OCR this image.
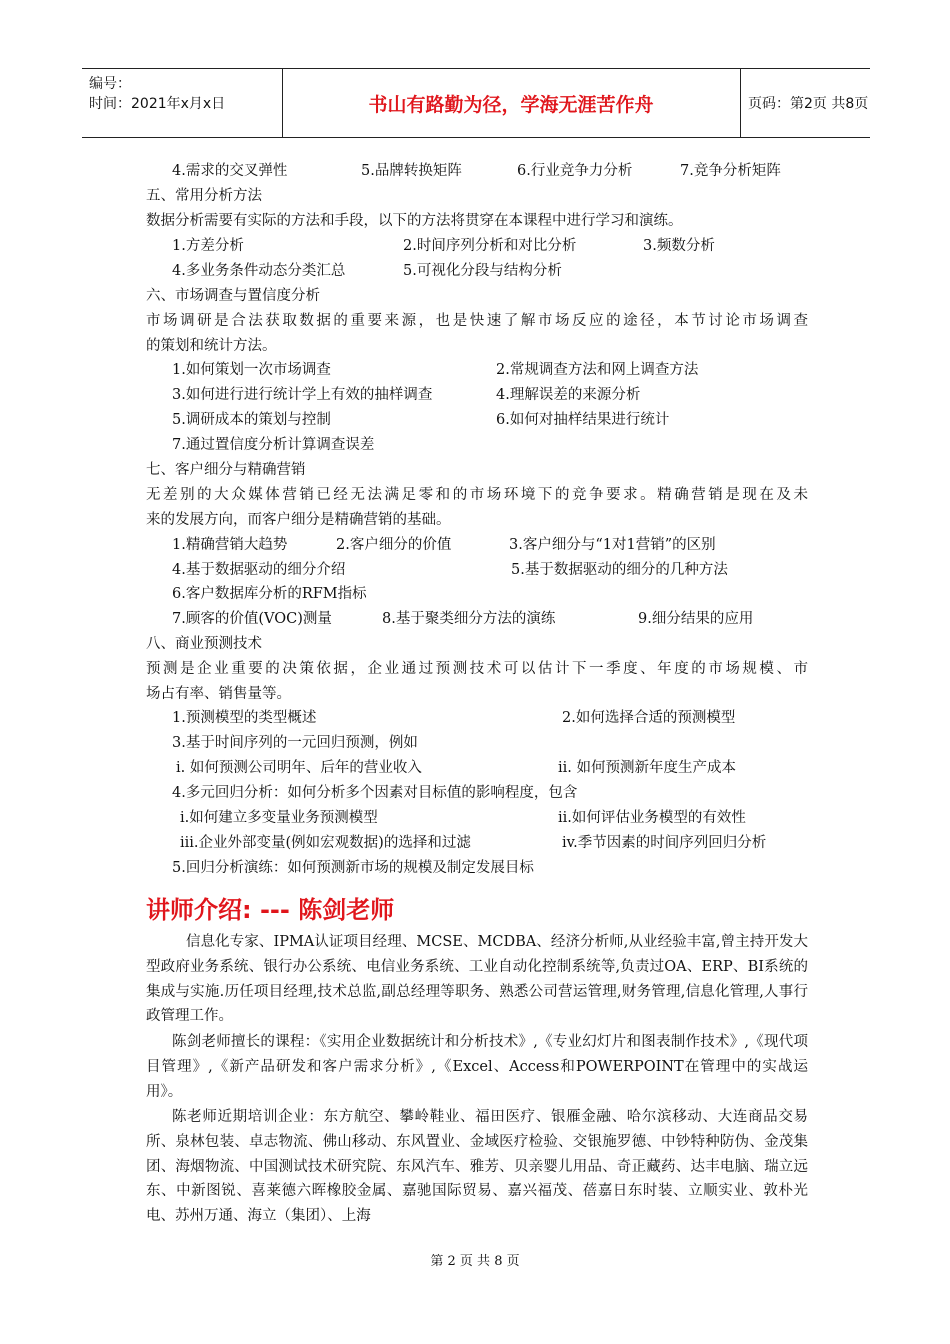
编号：
时间：2021年x月x日	书山有路勤为径，学海无涯苦作舟	页码：第2页 共8页
4.需求的交叉弹性	5.品牌转换矩阵	6.行业竞争力分析	7.竞争分析矩阵
五、常用分析方法
数据分析需要有实际的方法和手段，以下的方法将贯穿在本课程中进行学习和演练。
1.方差分析	2.时间序列分析和对比分析	3.频数分析
4.多业务条件动态分类汇总	5.可视化分段与结构分析
六、市场调查与置信度分析
市场调研是合法获取数据的重要来源，也是快速了解市场反应的途径，本节讨论市场调查
的策划和统计方法。
1.如何策划一次市场调查	2.常规调查方法和网上调查方法
3.如何进行进行统计学上有效的抽样调查	4.理解误差的来源分析
5.调研成本的策划与控制	6.如何对抽样结果进行统计
7.通过置信度分析计算调查误差
七、客户细分与精确营销
无差别的大众媒体营销已经无法满足零和的市场环境下的竞争要求。精确营销是现在及未
来的发展方向，而客户细分是精确营销的基础。
1.精确营销大趋势	2.客户细分的价值	3.客户细分与“1对1营销”的区别
4.基于数据驱动的细分介绍	5.基于数据驱动的细分的几种方法
6.客户数据库分析的RFM指标
7.顾客的价值(VOC)测量	8.基于聚类细分方法的演练	9.细分结果的应用
八、商业预测技术
预测是企业重要的决策依据，企业通过预测技术可以估计下一季度、年度的市场规模、市
场占有率、销售量等。
1.预测模型的类型概述	2.如何选择合适的预测模型
3.基于时间序列的一元回归预测，例如
i. 如何预测公司明年、后年的营业收入	ii. 如何预测新年度生产成本
4.多元回归分析：如何分析多个因素对目标值的影响程度，包含
i.如何建立多变量业务预测模型	ii.如何评估业务模型的有效性
iii.企业外部变量(例如宏观数据)的选择和过滤	iv.季节因素的时间序列回归分析
5.回归分析演练：如何预测新市场的规模及制定发展目标
讲师介绍: --- 陈剑老师
信息化专家、IPMA认证项目经理、MCSE、MCDBA、经济分析师,从业经验丰富,曾主持开发大型政府业务系统、银行办公系统、电信业务系统、工业自动化控制系统等,负责过OA、ERP、BI系统的集成与实施.历任项目经理,技术总监,副总经理等职务、熟悉公司营运管理,财务管理,信息化管理,人事行政管理工作。
陈剑老师擅长的课程：《实用企业数据统计和分析技术》,《专业幻灯片和图表制作技术》,《现代项目管理》,《新产品研发和客户需求分析》,《Excel、Access和POWERPOINT在管理中的实战运用》。
陈老师近期培训企业：东方航空、攀岭鞋业、福田医疗、银雁金融、哈尔滨移动、大连商品交易所、泉林包装、卓志物流、佛山移动、东风置业、金域医疗检验、交银施罗德、中钞特种防伪、金茂集团、海烟物流、中国测试技术研究院、东风汽车、雅芳、贝亲婴儿用品、奇正藏药、达丰电脑、瑞立远东、中新图锐、喜莱德六晖橡胶金属、嘉驰国际贸易、嘉兴福茂、蓓嘉日东时装、立顺实业、敦朴光电、苏州万通、海立（集团）、上海
第 2 页 共 8 页
